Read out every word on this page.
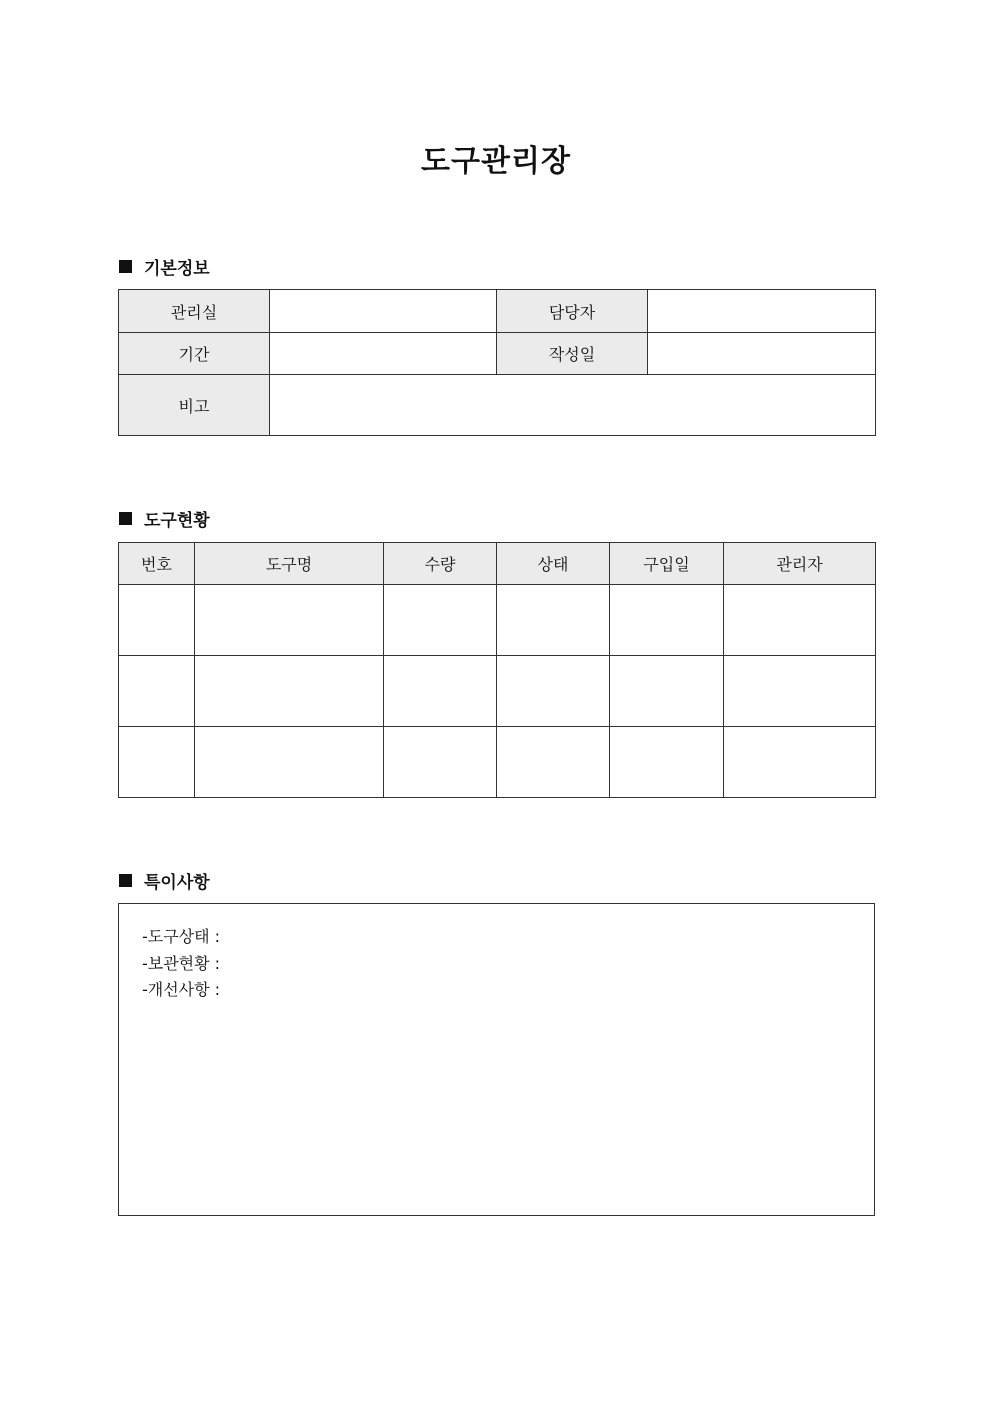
도구관리장
기본정보
관리실		담당자	
기간		작성일	
비고			
도구현황
번호	도구명	수량	상태	구입일	관리자

특이사항
-도구상태 :
-보관현황 :
-개선사항 :
